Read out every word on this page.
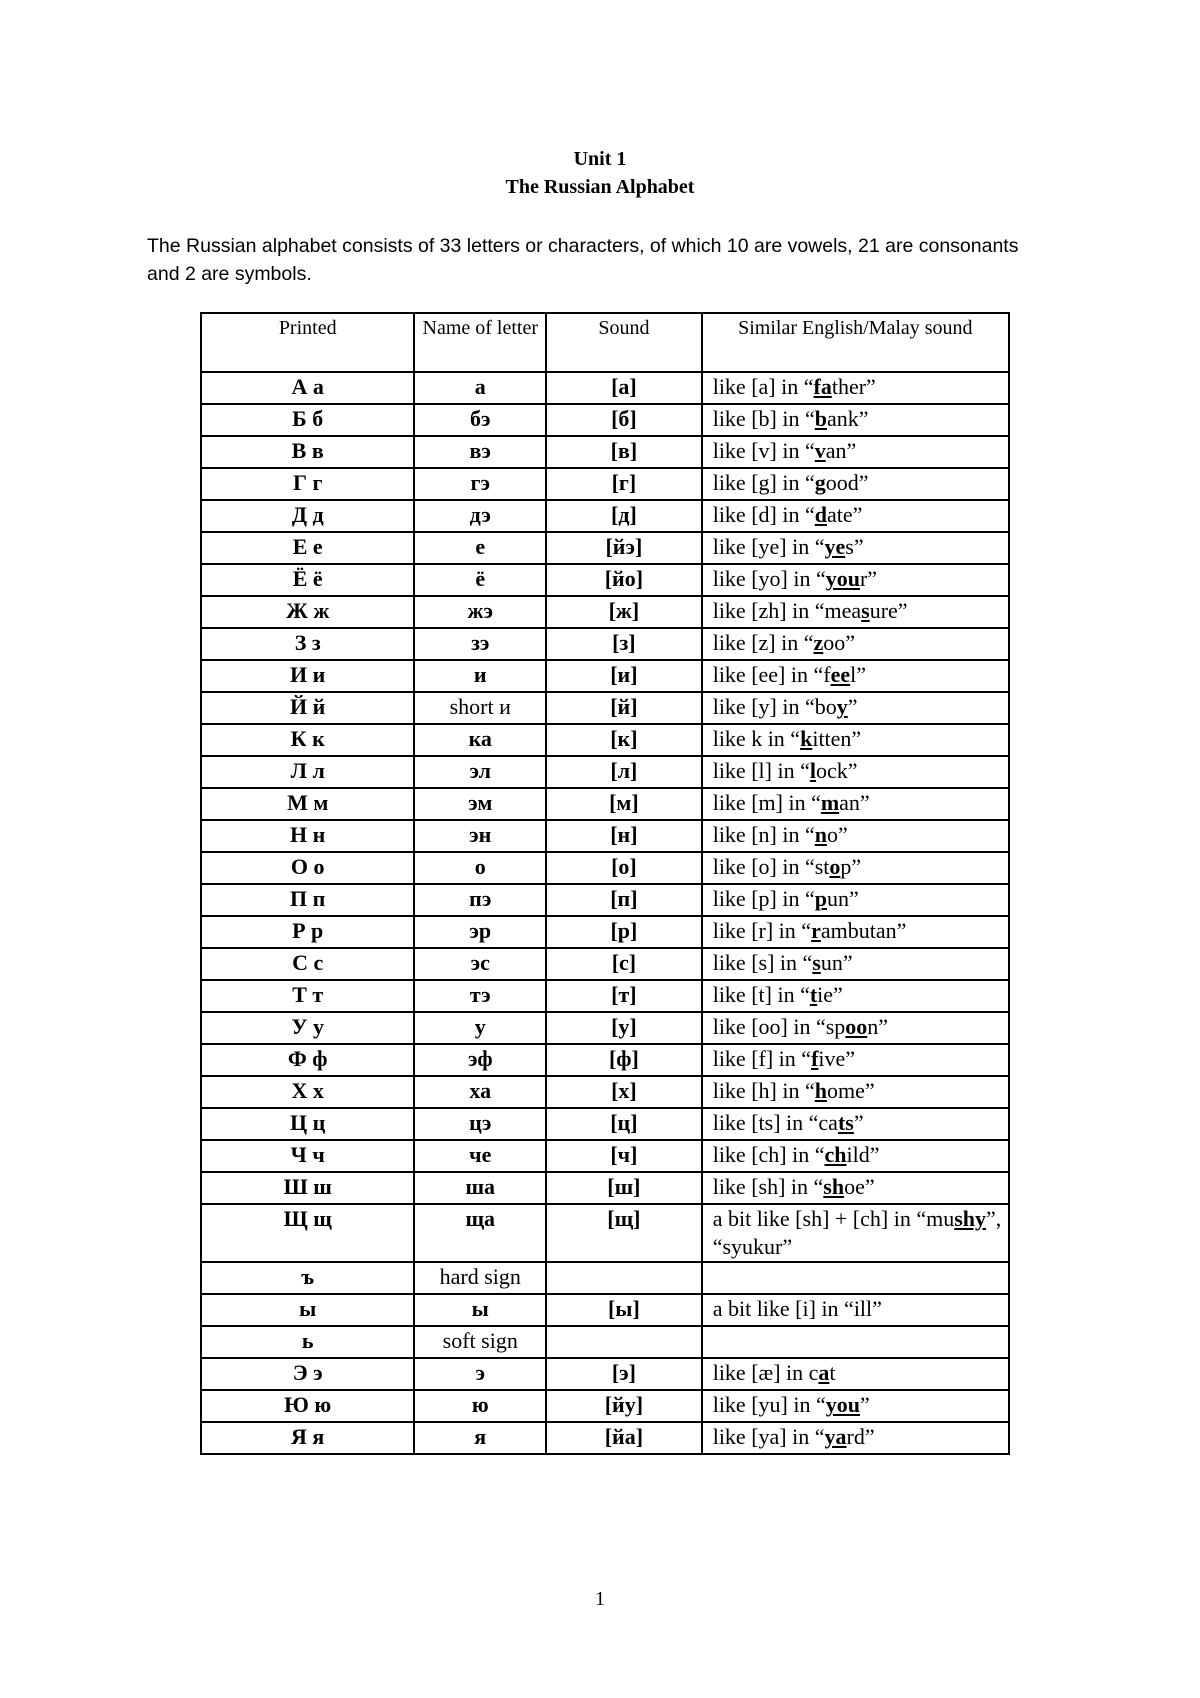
Unit 1
The Russian Alphabet
The Russian alphabet consists of 33 letters or characters, of which 10 are vowels, 21 are consonants and 2 are symbols.
Printed	Name of letter	Sound	Similar English/Malay sound
А а	а	[а]	like [a] in “father”
Б б	бэ	[б]	like [b] in “bank”
В в	вэ	[в]	like [v] in “van”
Г г	гэ	[г]	like [g] in “good”
Д д	дэ	[д]	like [d] in “date”
Е е	е	[йэ]	like [ye] in “yes”
Ё ё	ё	[йо]	like [yo] in “your”
Ж ж	жэ	[ж]	like [zh] in “measure”
З з	зэ	[з]	like [z] in “zoo”
И и	и	[и]	like [ee] in “feel”
Й й	short и	[й]	like [y] in “boy”
К к	ка	[к]	like k in “kitten”
Л л	эл	[л]	like [l] in “lock”
М м	эм	[м]	like [m] in “man”
Н н	эн	[н]	like [n] in “no”
О о	о	[о]	like [o] in “stop”
П п	пэ	[п]	like [p] in “pun”
Р р	эр	[р]	like [r] in “rambutan”
С с	эс	[с]	like [s] in “sun”
Т т	тэ	[т]	like [t] in “tie”
У у	у	[у]	like [oo] in “spoon”
Ф ф	эф	[ф]	like [f] in “five”
Х х	ха	[х]	like [h] in “home”
Ц ц	цэ	[ц]	like [ts] in “cats”
Ч ч	че	[ч]	like [ch] in “child”
Ш ш	ша	[ш]	like [sh] in “shoe”
Щ щ	ща	[щ]	a bit like [sh] + [ch] in “mushy”, “syukur”
ъ	hard sign		
ы	ы	[ы]	a bit like [i] in “ill”
ь	soft sign		
Э э	э	[э]	like [æ] in cat
Ю ю	ю	[йу]	like [yu] in “you”
Я я	я	[йа]	like [ya] in “yard”
1
